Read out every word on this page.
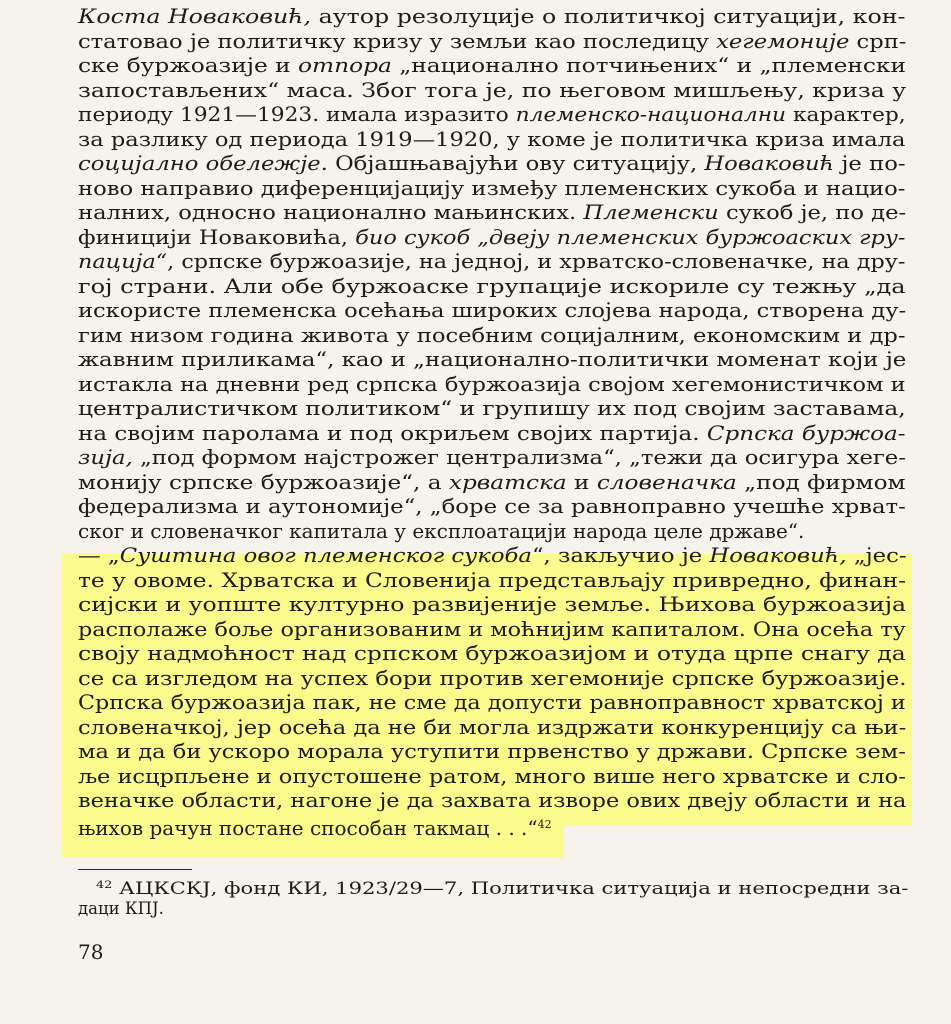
Коста Новаковић, аутор резолуције о политичкој ситуацији, кон-
статовао је политичку кризу у земљи као последицу хегемоније срп-
ске буржоазије и отпора „национално потчињених“ и „племенски
запостављених“ маса. Због тога је, по његовом мишљењу, криза у
периоду 1921—1923. имала изразито племенско-национални карактер,
за разлику од периода 1919—1920, у коме је политичка криза имала
социјално обележје. Објашњавајући ову ситуацију, Новаковић је по-
ново направио диференцијацију између племенских сукоба и нацио-
налних, односно национално мањинских. Племенски сукоб је, по де-
финицији Новаковића, био сукоб „двеју племенских буржоаских гру-
пација“, српске буржоазије, на једној, и хрватско-словеначке, на дру-
гој страни. Али обе буржоаске групације искориле су тежњу „да
искористе племенска осећања широких слојева народа, створена ду-
гим низом година живота у посебним социјалним, економским и др-
жавним приликама“, као и „национално-политички моменат који је
истакла на дневни ред српска буржоазија својом хегемонистичком и
централистичком политиком“ и групишу их под својим заставама,
на својим паролама и под окриљем својих партија. Српска буржоа-
зија, „под формом најстрожег централизма“, „тежи да осигура хеге-
монију српске буржоазије“, а хрватска и словеначка „под фирмом
федерализма и аутономије“, „боре се за равноправно учешће хрват-
ског и словеначког капитала у експлоатацији народа целе државе“.
— „Суштина овог племенског сукоба“, закључио је Новаковић, „јес-
те у овоме. Хрватска и Словенија представљају привредно, финан-
сијски и уопште културно развијеније земље. Њихова буржоазија
располаже боље организованим и моћнијим капиталом. Она осећа ту
своју надмоћност над српском буржоазијом и отуда црпе снагу да
се са изгледом на успех бори против хегемоније српске буржоазије.
Српска буржоазија пак, не сме да допусти равноправност хрватској и
словеначкој, јер осећа да не би могла издржати конкуренцију са њи-
ма и да би ускоро морала уступити првенство у држави. Српске зем-
ље исцрпљене и опустошене ратом, много више него хрватске и сло-
веначке области, нагоне је да захвата изворе ових двеју области и на
њихов рачун постане способан такмац . . .“$^{42}$
$^{42}$ АЦКСКЈ, фонд КИ, 1923/29—7, Политичка ситуација и непосредни за-
даци КПЈ.
78
